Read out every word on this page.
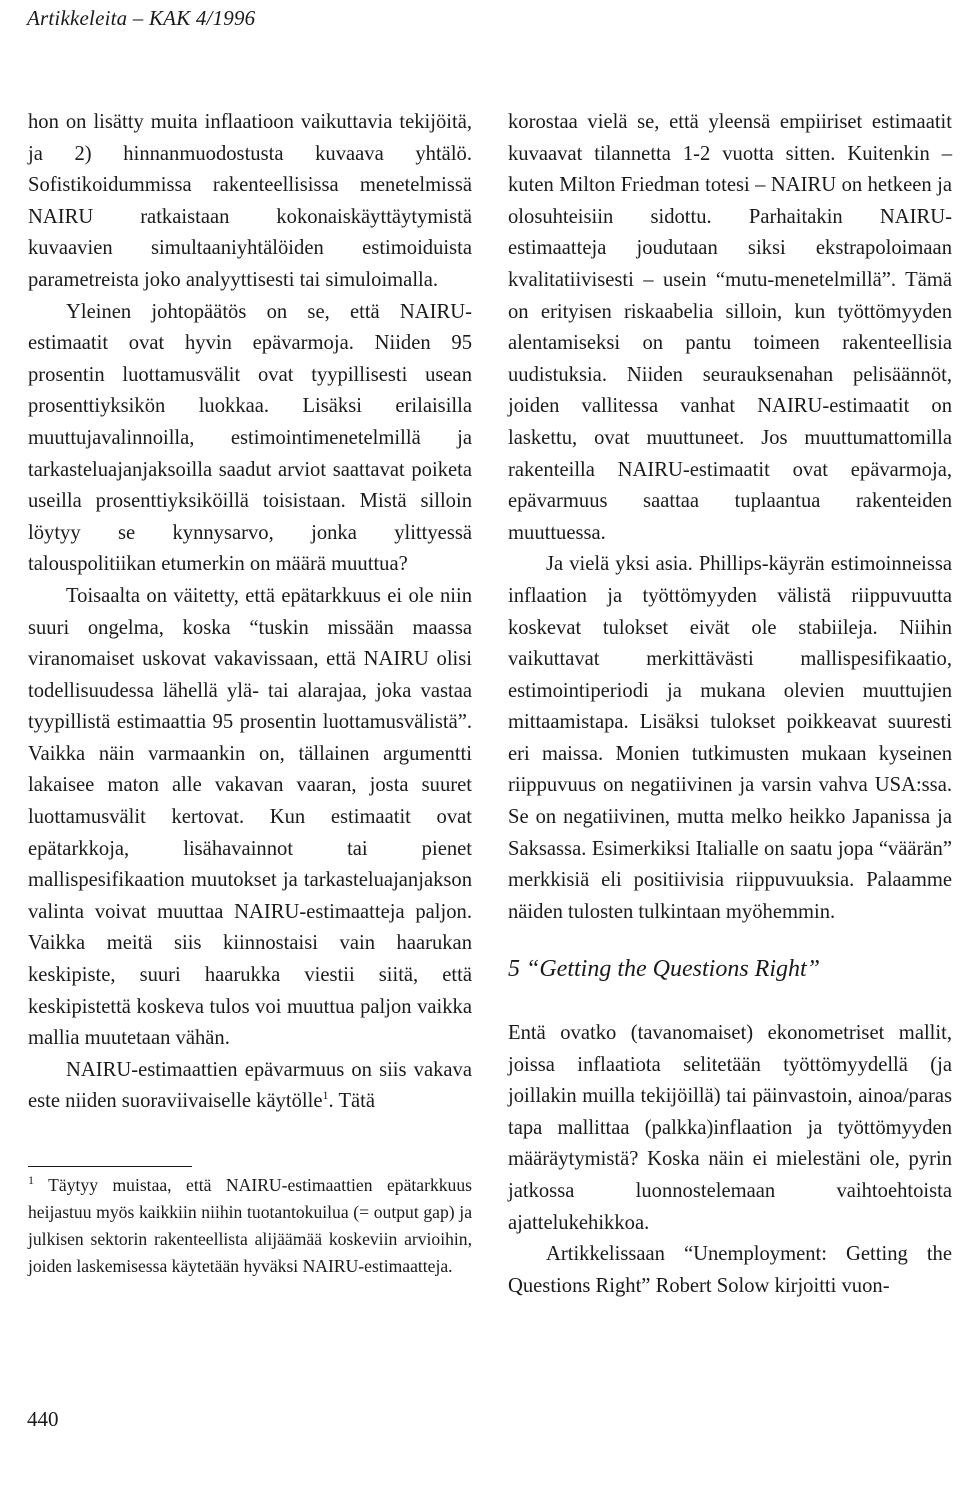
Artikkeleita – KAK 4/1996

hon on lisätty muita inflaatioon vaikuttavia tekijöitä, ja 2) hinnanmuodostusta kuvaava yhtälö. Sofistikoidummissa rakenteellisissa menetelmissä NAIRU ratkaistaan kokonaiskäyttäytymistä kuvaavien simultaaniyhtälöiden estimoiduista parametreista joko analyyttisesti tai simuloimalla.

Yleinen johtopäätös on se, että NAIRU-estimaatit ovat hyvin epävarmoja. Niiden 95 prosentin luottamusvälit ovat tyypillisesti usean prosenttiyksikön luokkaa. Lisäksi erilaisilla muuttujavalinnoilla, estimointimenetelmillä ja tarkasteluajanjaksoilla saadut arviot saattavat poiketa useilla prosenttiyksiköillä toisistaan. Mistä silloin löytyy se kynnysarvo, jonka ylittyessä talouspolitiikan etumerkin on määrä muuttua?

Toisaalta on väitetty, että epätarkkuus ei ole niin suuri ongelma, koska “tuskin missään maassa viranomaiset uskovat vakavissaan, että NAIRU olisi todellisuudessa lähellä ylä- tai alarajaa, joka vastaa tyypillistä estimaattia 95 prosentin luottamusvälistä”. Vaikka näin varmaankin on, tällainen argumentti lakaisee maton alle vakavan vaaran, josta suuret luottamusvälit kertovat. Kun estimaatit ovat epätarkkoja, lisähavainnot tai pienet mallispesifikaation muutokset ja tarkasteluajanjakson valinta voivat muuttaa NAIRU-estimaatteja paljon. Vaikka meitä siis kiinnostaisi vain haarukan keskipiste, suuri haarukka viestii siitä, että keskipistettä koskeva tulos voi muuttua paljon vaikka mallia muutetaan vähän.

NAIRU-estimaattien epävarmuus on siis vakava este niiden suoraviivaiselle käytölle$^1$. Tätä

$^1$ Täytyy muistaa, että NAIRU-estimaattien epätarkkuus heijastuu myös kaikkiin niihin tuotantokuilua (= output gap) ja julkisen sektorin rakenteellista alijäämää koskeviin arvioihin, joiden laskemisessa käytetään hyväksi NAIRU-estimaatteja.

korostaa vielä se, että yleensä empiiriset estimaatit kuvaavat tilannetta 1-2 vuotta sitten. Kuitenkin – kuten Milton Friedman totesi – NAIRU on hetkeen ja olosuhteisiin sidottu. Parhaitakin NAIRU-estimaatteja joudutaan siksi ekstrapoloimaan kvalitatiivisesti – usein “mutu-menetelmillä”. Tämä on erityisen riskaabelia silloin, kun työttömyyden alentamiseksi on pantu toimeen rakenteellisia uudistuksia. Niiden seurauksenahan pelisäännöt, joiden vallitessa vanhat NAIRU-estimaatit on laskettu, ovat muuttuneet. Jos muuttumattomilla rakenteilla NAIRU-estimaatit ovat epävarmoja, epävarmuus saattaa tuplaantua rakenteiden muuttuessa.

Ja vielä yksi asia. Phillips-käyrän estimoinneissa inflaation ja työttömyyden välistä riippuvuutta koskevat tulokset eivät ole stabiileja. Niihin vaikuttavat merkittävästi mallispesifikaatio, estimointiperiodi ja mukana olevien muuttujien mittaamistapa. Lisäksi tulokset poikkeavat suuresti eri maissa. Monien tutkimusten mukaan kyseinen riippuvuus on negatiivinen ja varsin vahva USA:ssa. Se on negatiivinen, mutta melko heikko Japanissa ja Saksassa. Esimerkiksi Italialle on saatu jopa “väärän” merkkisiä eli positiivisia riippuvuuksia. Palaamme näiden tulosten tulkintaan myöhemmin.

5 “Getting the Questions Right”

Entä ovatko (tavanomaiset) ekonometriset mallit, joissa inflaatiota selitetään työttömyydellä (ja joillakin muilla tekijöillä) tai päinvastoin, ainoa/paras tapa mallittaa (palkka)inflaation ja työttömyyden määräytymistä? Koska näin ei mielestäni ole, pyrin jatkossa luonnostelemaan vaihtoehtoista ajattelukehikkoa.

Artikkelissaan “Unemployment: Getting the Questions Right” Robert Solow kirjoitti vuon-

440
